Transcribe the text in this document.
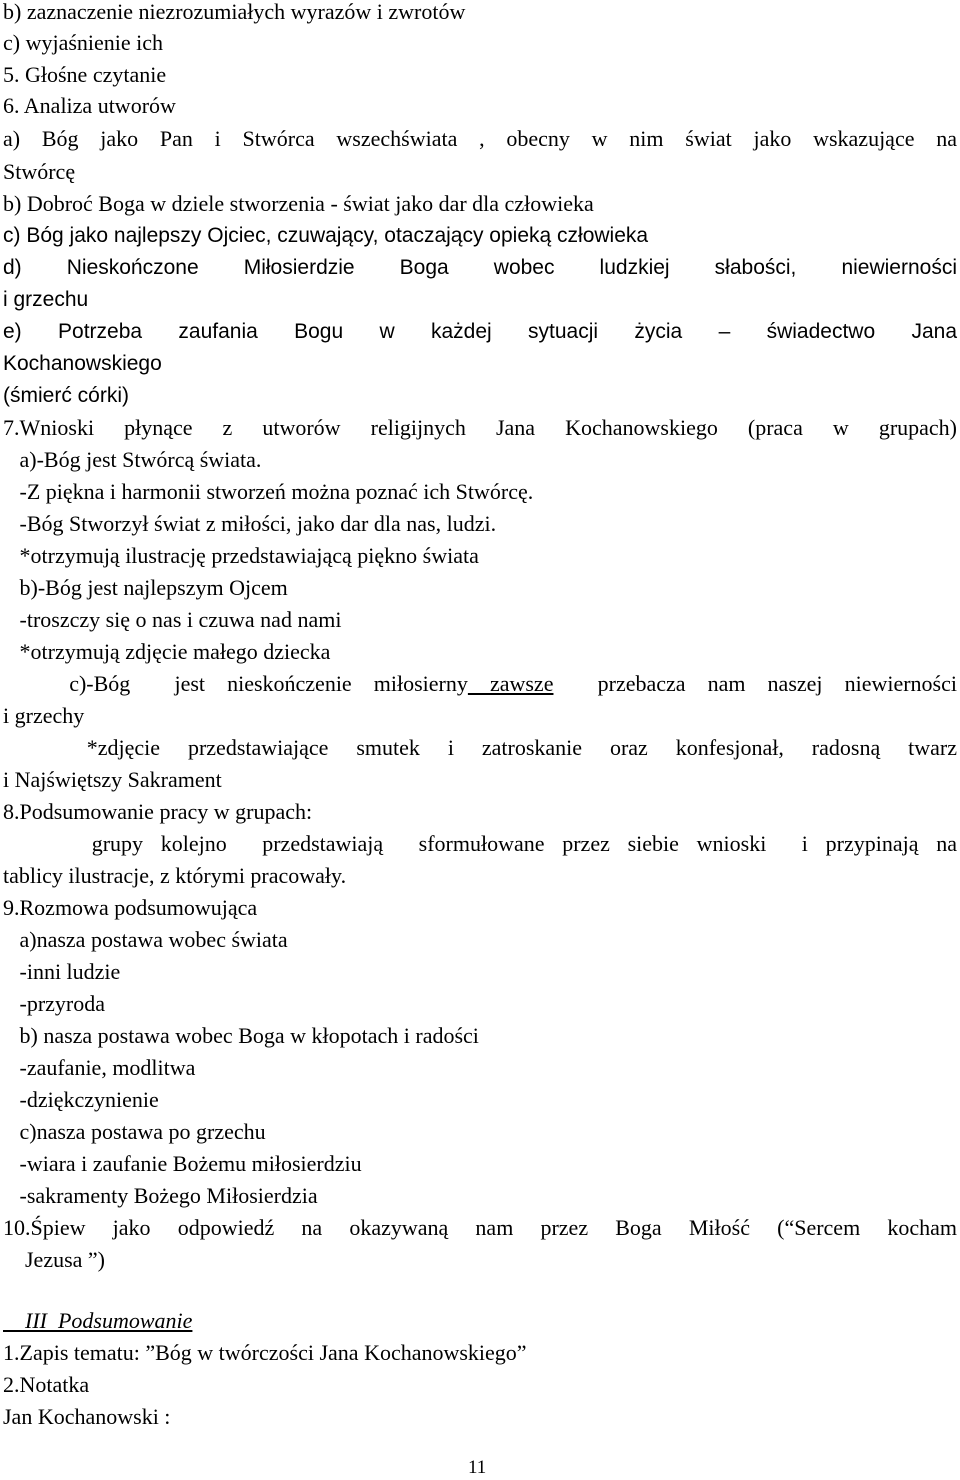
b) zaznaczenie niezrozumiałych wyrazów i zwrotów
c) wyjaśnienie ich
5. Głośne czytanie
6. Analiza utworów
a) Bóg jako Pan i Stwórca wszechświata , obecny w nim świat jako wskazujące na
Stwórcę
b) Dobroć Boga w dziele stworzenia - świat jako dar dla człowieka
c) Bóg jako najlepszy Ojciec, czuwający, otaczający opieką człowieka
d) Nieskończone Miłosierdzie Boga wobec ludzkiej słabości, niewierności
i grzechu
e) Potrzeba zaufania Bogu w każdej sytuacji życia – świadectwo Jana
Kochanowskiego
(śmierć córki)
7.Wnioski płynące z utworów religijnych Jana Kochanowskiego (praca w grupach)
a)-Bóg jest Stwórcą świata.
-Z piękna i harmonii stworzeń można poznać ich Stwórcę.
-Bóg Stworzył świat z miłości, jako dar dla nas, ludzi.
*otrzymują ilustrację przedstawiającą piękno świata
b)-Bóg jest najlepszym Ojcem
-troszczy się o nas i czuwa nad nami
*otrzymują zdjęcie małego dziecka
c)-Bóg  jest nieskończenie miłosierny zawsze  przebacza nam naszej niewierności
i grzechy
*zdjęcie przedstawiające smutek i zatroskanie oraz konfesjonał, radosną twarz
i Najświętszy Sakrament
8.Podsumowanie pracy w grupach:
grupy kolejno  przedstawiają  sformułowane przez siebie wnioski  i przypinają na
tablicy ilustracje, z którymi pracowały.
9.Rozmowa podsumowująca
a)nasza postawa wobec świata
-inni ludzie
-przyroda
b) nasza postawa wobec Boga w kłopotach i radości
-zaufanie, modlitwa
-dziękczynienie
c)nasza postawa po grzechu
-wiara i zaufanie Bożemu miłosierdziu
-sakramenty Bożego Miłosierdzia
10.Śpiew jako odpowiedź na okazywaną nam przez Boga Miłość (“Sercem kocham
Jezusa ”)
III  Podsumowanie
1.Zapis tematu: ”Bóg w twórczości Jana Kochanowskiego”
2.Notatka
Jan Kochanowski :
11
